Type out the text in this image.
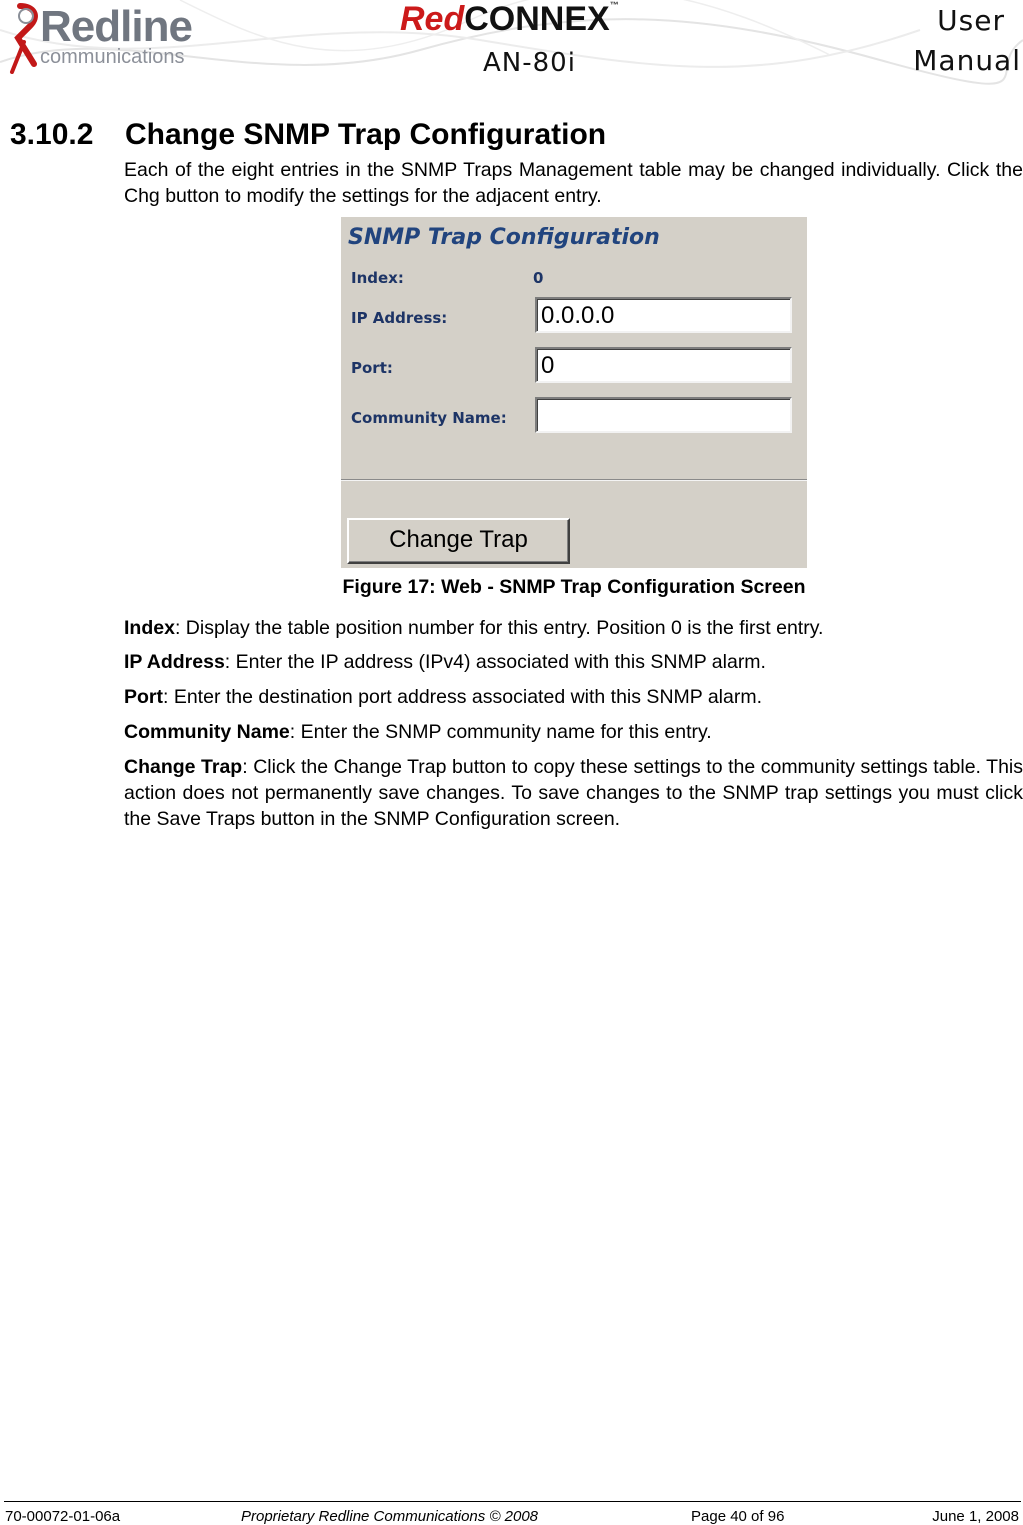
Redline
communications
RedCONNEX™
AN-80i
User
Manual
3.10.2 Change SNMP Trap Configuration

Each of the eight entries in the SNMP Traps Management table may be changed individually. Click the Chg button to modify the settings for the adjacent entry.

SNMP Trap Configuration
Index:	0
IP Address:	0.0.0.0
Port:	0
Community Name:
Change Trap
Figure 17: Web - SNMP Trap Configuration Screen

Index: Display the table position number for this entry. Position 0 is the first entry.

IP Address: Enter the IP address (IPv4) associated with this SNMP alarm.

Port: Enter the destination port address associated with this SNMP alarm.

Community Name: Enter the SNMP community name for this entry.

Change Trap: Click the Change Trap button to copy these settings to the community settings table. This action does not permanently save changes. To save changes to the SNMP trap settings you must click the Save Traps button in the SNMP Configuration screen.

70-00072-01-06a	Proprietary Redline Communications © 2008	Page 40 of 96	June 1, 2008
